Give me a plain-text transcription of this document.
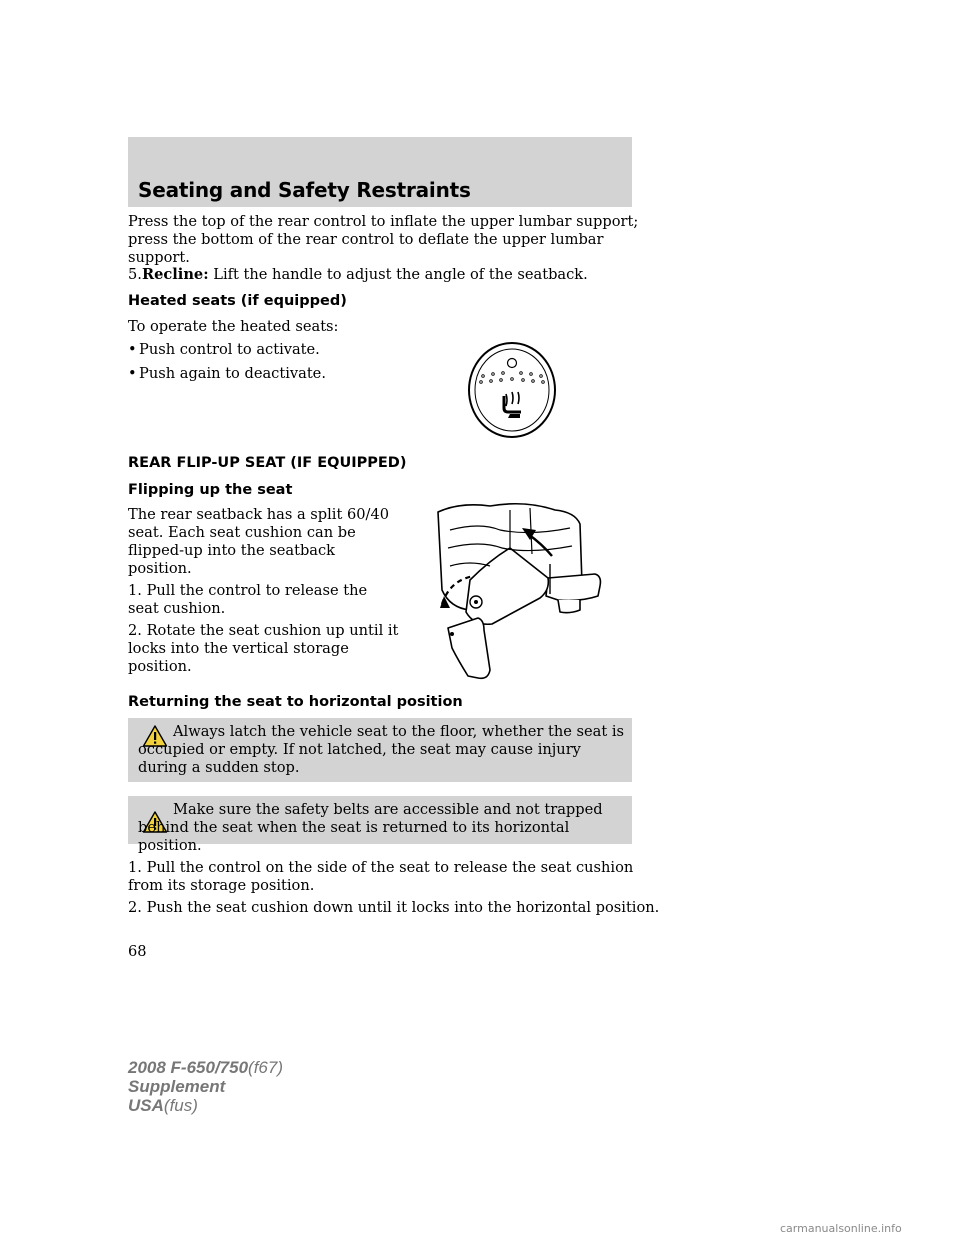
Seating and Safety Restraints
Press the top of the rear control to inflate the upper lumbar support;
press the bottom of the rear control to deflate the upper lumbar support.
5.Recline: Lift the handle to adjust the angle of the seatback.
Heated seats (if equipped)
To operate the heated seats:
• Push control to activate.
• Push again to deactivate.
REAR FLIP-UP SEAT (IF EQUIPPED)
Flipping up the seat
The rear seatback has a split 60/40
seat. Each seat cushion can be
flipped-up into the seatback
position.
1. Pull the control to release the
seat cushion.
2. Rotate the seat cushion up until it
locks into the vertical storage
position.
Returning the seat to horizontal position
Always latch the vehicle seat to the floor, whether the seat is occupied or empty. If not latched, the seat may cause injury during a sudden stop.
Make sure the safety belts are accessible and not trapped behind the seat when the seat is returned to its horizontal position.
1. Pull the control on the side of the seat to release the seat cushion
from its storage position.
2. Push the seat cushion down until it locks into the horizontal position.
68
2008 F-650/750(f67)
Supplement
USA(fus)
carmanualsonline.info
